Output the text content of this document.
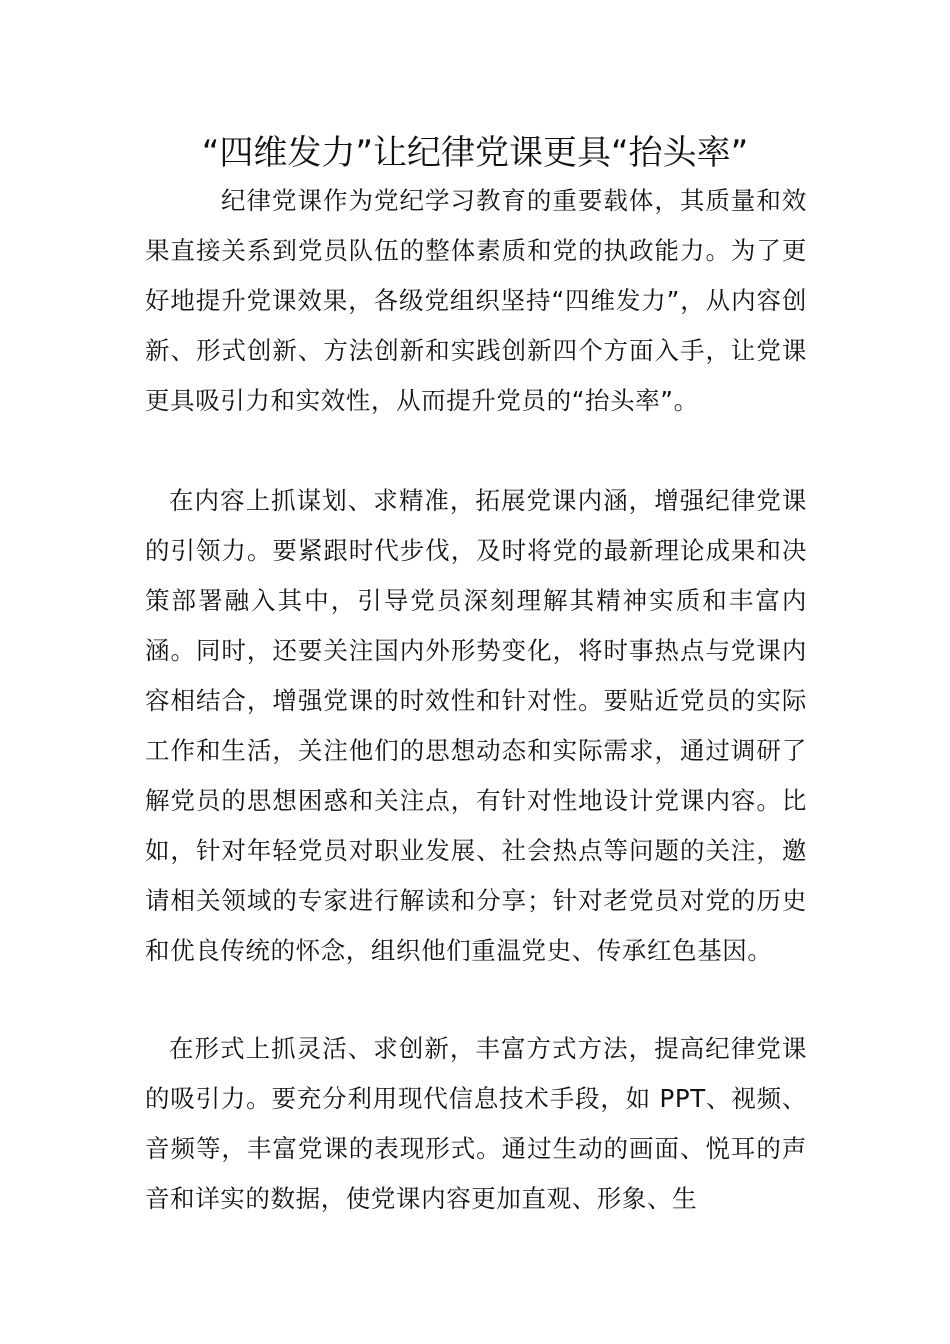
“四维发力”让纪律党课更具“抬头率”

纪律党课作为党纪学习教育的重要载体，其质量和效果直接关系到党员队伍的整体素质和党的执政能力。为了更好地提升党课效果，各级党组织坚持“四维发力”，从内容创新、形式创新、方法创新和实践创新四个方面入手，让党课更具吸引力和实效性，从而提升党员的“抬头率”。

在内容上抓谋划、求精准，拓展党课内涵，增强纪律党课的引领力。要紧跟时代步伐，及时将党的最新理论成果和决策部署融入其中，引导党员深刻理解其精神实质和丰富内涵。同时，还要关注国内外形势变化，将时事热点与党课内容相结合，增强党课的时效性和针对性。要贴近党员的实际工作和生活，关注他们的思想动态和实际需求，通过调研了解党员的思想困惑和关注点，有针对性地设计党课内容。比如，针对年轻党员对职业发展、社会热点等问题的关注，邀请相关领域的专家进行解读和分享；针对老党员对党的历史和优良传统的怀念，组织他们重温党史、传承红色基因。

在形式上抓灵活、求创新，丰富方式方法，提高纪律党课的吸引力。要充分利用现代信息技术手段，如 PPT、视频、音频等，丰富党课的表现形式。通过生动的画面、悦耳的声音和详实的数据，使党课内容更加直观、形象、生
